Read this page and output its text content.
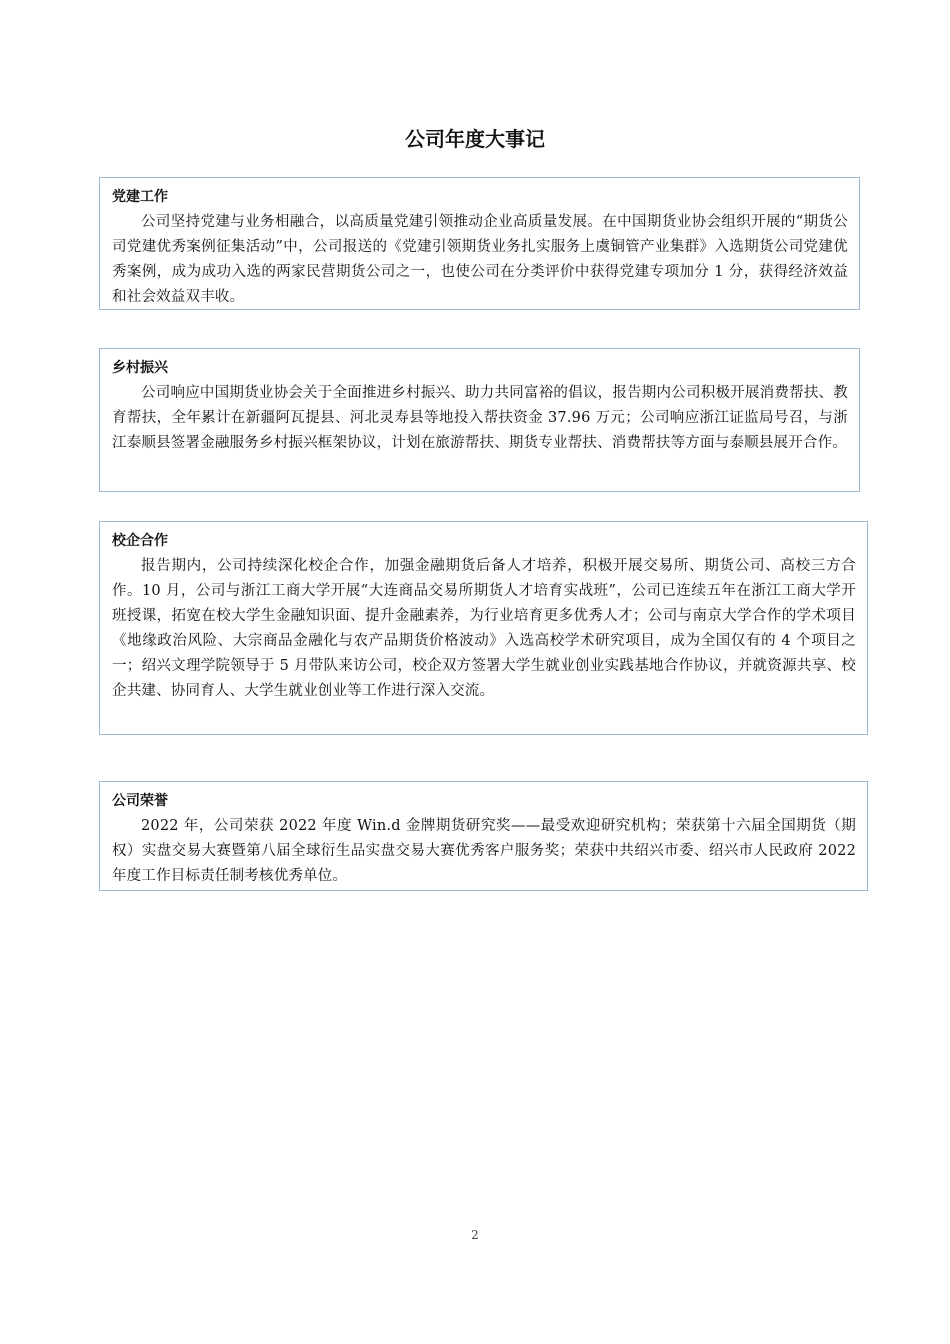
公司年度大事记
党建工作

公司坚持党建与业务相融合，以高质量党建引领推动企业高质量发展。在中国期货业协会组织开展的“期货公司党建优秀案例征集活动”中，公司报送的《党建引领期货业务扎实服务上虞铜管产业集群》入选期货公司党建优秀案例，成为成功入选的两家民营期货公司之一，也使公司在分类评价中获得党建专项加分 1 分，获得经济效益和社会效益双丰收。

乡村振兴

公司响应中国期货业协会关于全面推进乡村振兴、助力共同富裕的倡议，报告期内公司积极开展消费帮扶、教育帮扶，全年累计在新疆阿瓦提县、河北灵寿县等地投入帮扶资金 37.96 万元；公司响应浙江证监局号召，与浙江泰顺县签署金融服务乡村振兴框架协议，计划在旅游帮扶、期货专业帮扶、消费帮扶等方面与泰顺县展开合作。

校企合作

报告期内，公司持续深化校企合作，加强金融期货后备人才培养，积极开展交易所、期货公司、高校三方合作。10 月，公司与浙江工商大学开展“大连商品交易所期货人才培育实战班”，公司已连续五年在浙江工商大学开班授课，拓宽在校大学生金融知识面、提升金融素养，为行业培育更多优秀人才；公司与南京大学合作的学术项目《地缘政治风险、大宗商品金融化与农产品期货价格波动》入选高校学术研究项目，成为全国仅有的 4 个项目之一；绍兴文理学院领导于 5 月带队来访公司，校企双方签署大学生就业创业实践基地合作协议，并就资源共享、校企共建、协同育人、大学生就业创业等工作进行深入交流。

公司荣誉

2022 年，公司荣获 2022 年度 Win.d 金牌期货研究奖——最受欢迎研究机构；荣获第十六届全国期货（期权）实盘交易大赛暨第八届全球衍生品实盘交易大赛优秀客户服务奖；荣获中共绍兴市委、绍兴市人民政府 2022 年度工作目标责任制考核优秀单位。

2
